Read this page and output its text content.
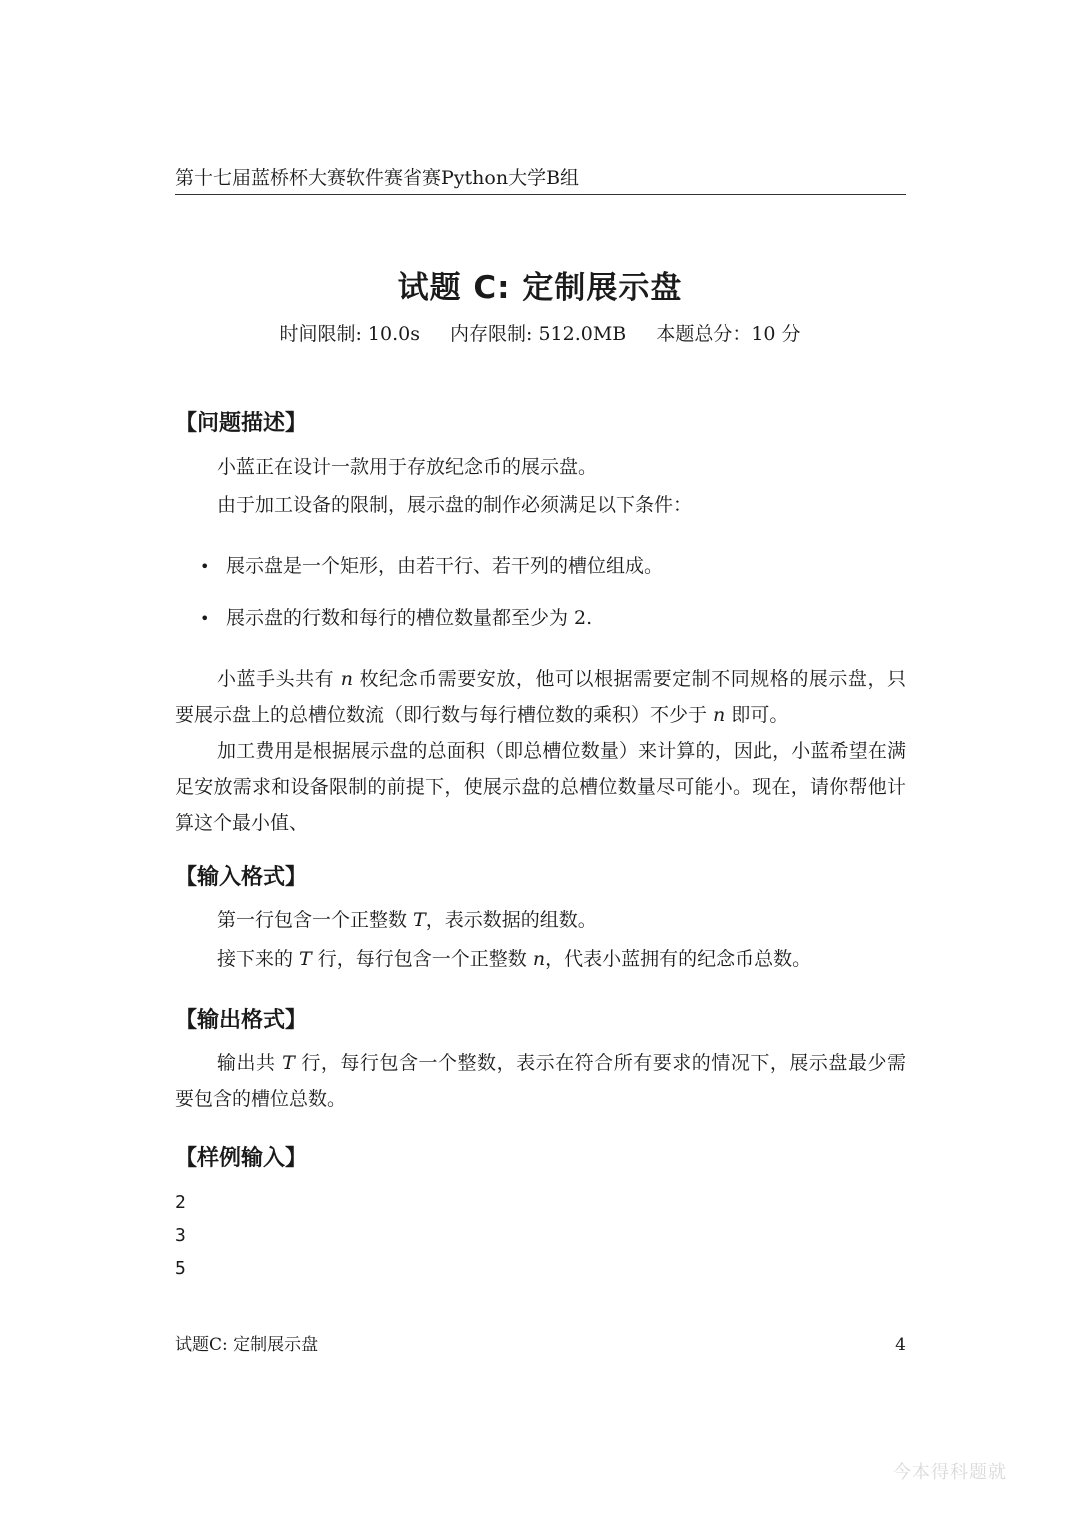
第十七届蓝桥杯大赛软件赛省赛Python大学B组
试题 C: 定制展示盘
时间限制: 10.0s 内存限制: 512.0MB 本题总分：10 分
【问题描述】
小蓝正在设计一款用于存放纪念币的展示盘。
由于加工设备的限制，展示盘的制作必须满足以下条件：
• 展示盘是一个矩形，由若干行、若干列的槽位组成。
• 展示盘的行数和每行的槽位数量都至少为 2.
小蓝手头共有 n 枚纪念币需要安放，他可以根据需要定制不同规格的展示盘，只要展示盘上的总槽位数流（即行数与每行槽位数的乘积）不少于 n 即可。
加工费用是根据展示盘的总面积（即总槽位数量）来计算的，因此，小蓝希望在满足安放需求和设备限制的前提下，使展示盘的总槽位数量尽可能小。现在，请你帮他计算这个最小值、
【输入格式】
第一行包含一个正整数 T，表示数据的组数。
接下来的 T 行，每行包含一个正整数 n，代表小蓝拥有的纪念币总数。
【输出格式】
输出共 T 行，每行包含一个整数，表示在符合所有要求的情况下，展示盘最少需要包含的槽位总数。
【样例输入】
2
3
5
试题C: 定制展示盘	4
今本得科题就
